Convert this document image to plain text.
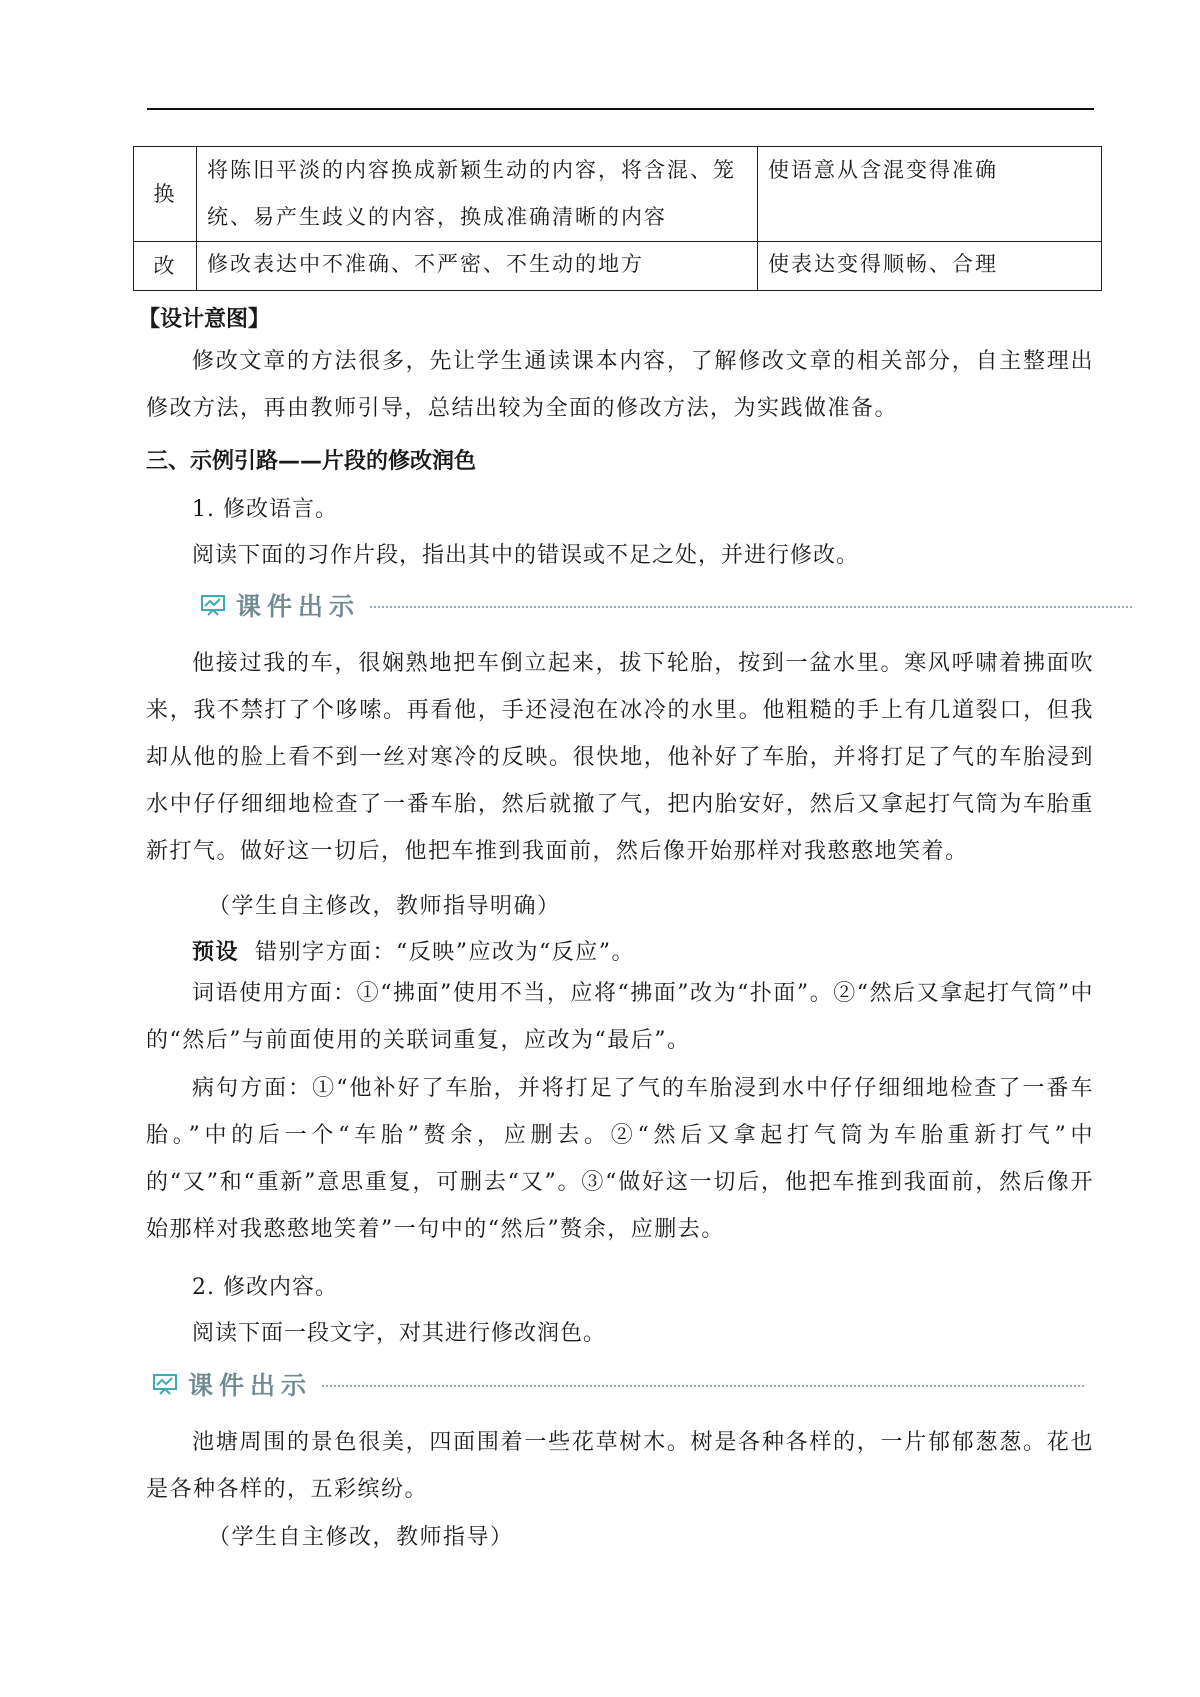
换	将陈旧平淡的内容换成新颖生动的内容，将含混、笼统、易产生歧义的内容，换成准确清晰的内容	使语意从含混变得准确
改	修改表达中不准确、不严密、不生动的地方	使表达变得顺畅、合理
【设计意图】

修改文章的方法很多，先让学生通读课本内容，了解修改文章的相关部分，自主整理出修改方法，再由教师引导，总结出较为全面的修改方法，为实践做准备。

三、示例引路——片段的修改润色
1. 修改语言。
阅读下面的习作片段，指出其中的错误或不足之处，并进行修改。
课件出示

他接过我的车，很娴熟地把车倒立起来，拔下轮胎，按到一盆水里。寒风呼啸着拂面吹来，我不禁打了个哆嗦。再看他，手还浸泡在冰冷的水里。他粗糙的手上有几道裂口，但我却从他的脸上看不到一丝对寒冷的反映。很快地，他补好了车胎，并将打足了气的车胎浸到水中仔仔细细地检查了一番车胎，然后就撤了气，把内胎安好，然后又拿起打气筒为车胎重新打气。做好这一切后，他把车推到我面前，然后像开始那样对我憨憨地笑着。

（学生自主修改，教师指导明确）
预设 错别字方面：“反映”应改为“反应”。

词语使用方面：①“拂面”使用不当，应将“拂面”改为“扑面”。②“然后又拿起打气筒”中的“然后”与前面使用的关联词重复，应改为“最后”。

病句方面：①“他补好了车胎，并将打足了气的车胎浸到水中仔仔细细地检查了一番车胎。”中的后一个“车胎”赘余，应删去。②“然后又拿起打气筒为车胎重新打气”中的“又”和“重新”意思重复，可删去“又”。③“做好这一切后，他把车推到我面前，然后像开始那样对我憨憨地笑着”一句中的“然后”赘余，应删去。

2. 修改内容。
阅读下面一段文字，对其进行修改润色。
课件出示

池塘周围的景色很美，四面围着一些花草树木。树是各种各样的，一片郁郁葱葱。花也是各种各样的，五彩缤纷。

（学生自主修改，教师指导）
